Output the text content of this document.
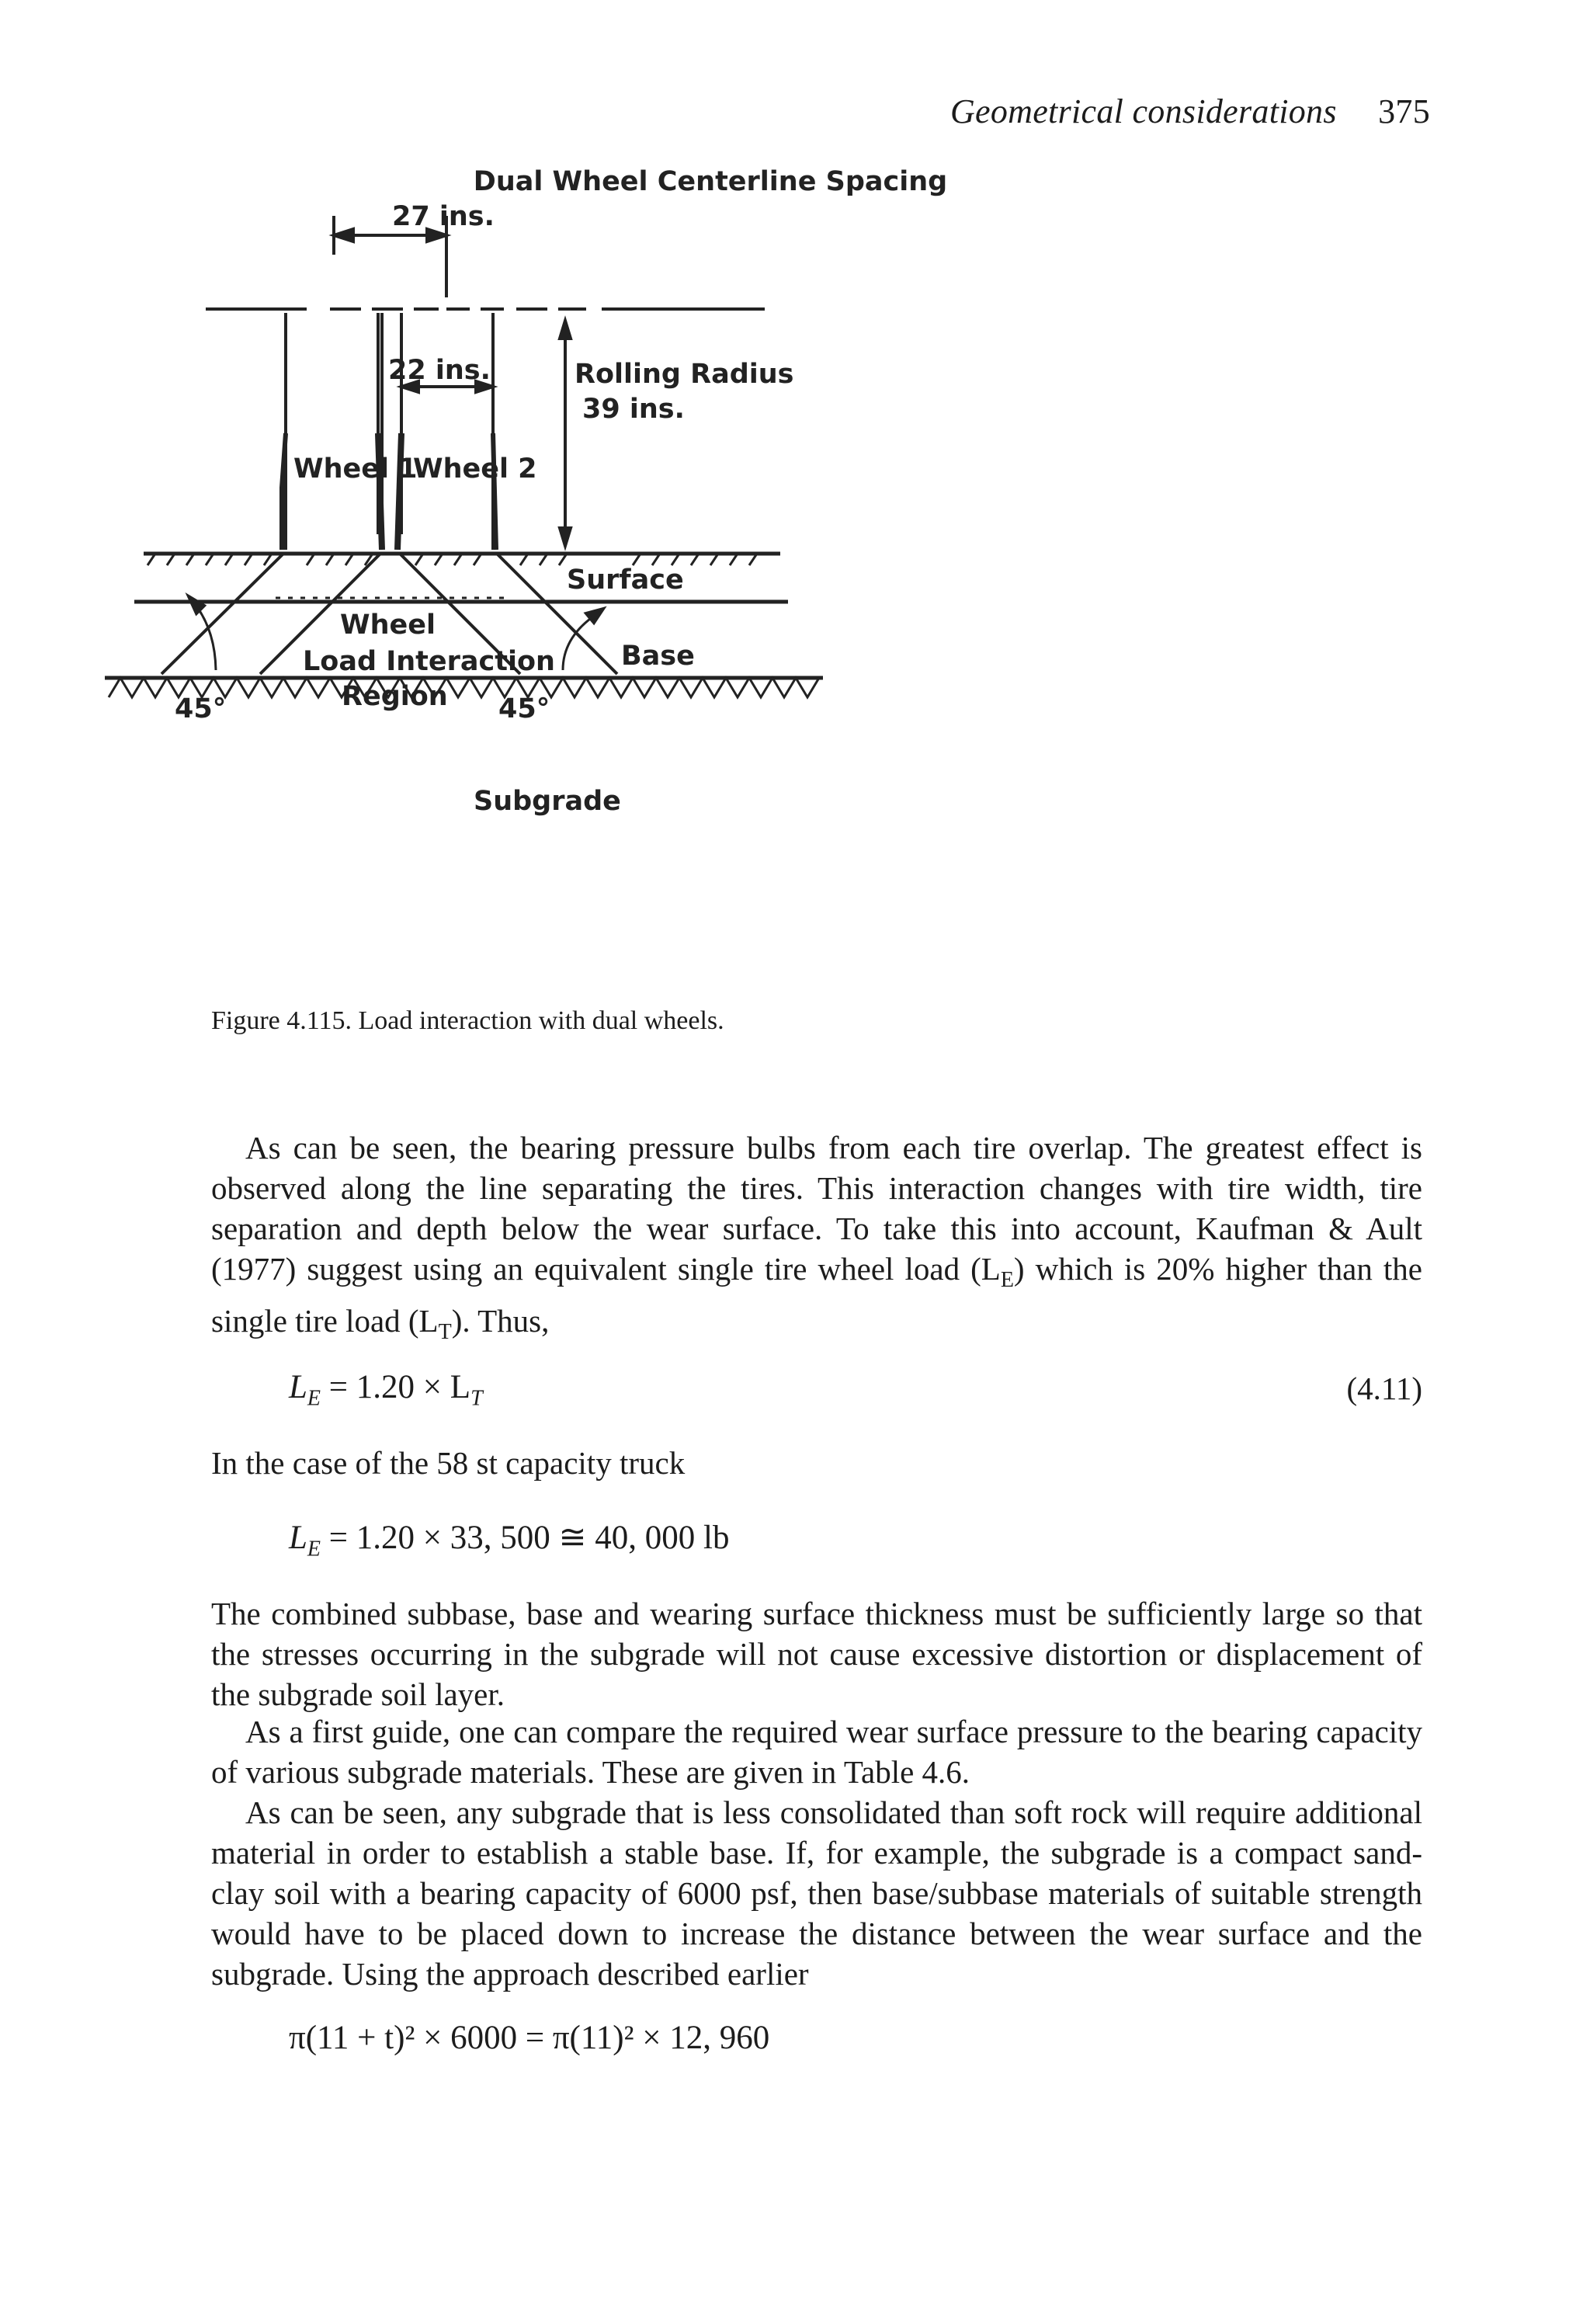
Geometrical considerations 375
Dual Wheel Centerline Spacing
27 ins.
22 ins.	Rolling Radius
39 ins.
Wheel 1
Wheel 2
Surface
Base
Wheel
Load Interaction
Region
45°	45°
Subgrade
Figure 4.115. Load interaction with dual wheels.
As can be seen, the bearing pressure bulbs from each tire overlap. The greatest effect is observed along the line separating the tires. This interaction changes with tire width, tire separation and depth below the wear surface. To take this into account, Kaufman & Ault (1977) suggest using an equivalent single tire wheel load $(L_E)$ which is 20% higher than the single tire load $(L_T)$. Thus,
$L_E = 1.20 \times L_T$	(4.11)
In the case of the 58 st capacity truck
$L_E = 1.20 \times 33$, 500 ≅ 40, 000 lb
The combined subbase, base and wearing surface thickness must be sufficiently large so that the stresses occurring in the subgrade will not cause excessive distortion or displacement of the subgrade soil layer.
As a first guide, one can compare the required wear surface pressure to the bearing capacity of various subgrade materials. These are given in Table 4.6.
As can be seen, any subgrade that is less consolidated than soft rock will require additional material in order to establish a stable base. If, for example, the subgrade is a compact sand-clay soil with a bearing capacity of 6000 psf, then base/subbase materials of suitable strength would have to be placed down to increase the distance between the wear surface and the subgrade. Using the approach described earlier
π(11 + t)² × 6000 = π(11)² × 12, 960
